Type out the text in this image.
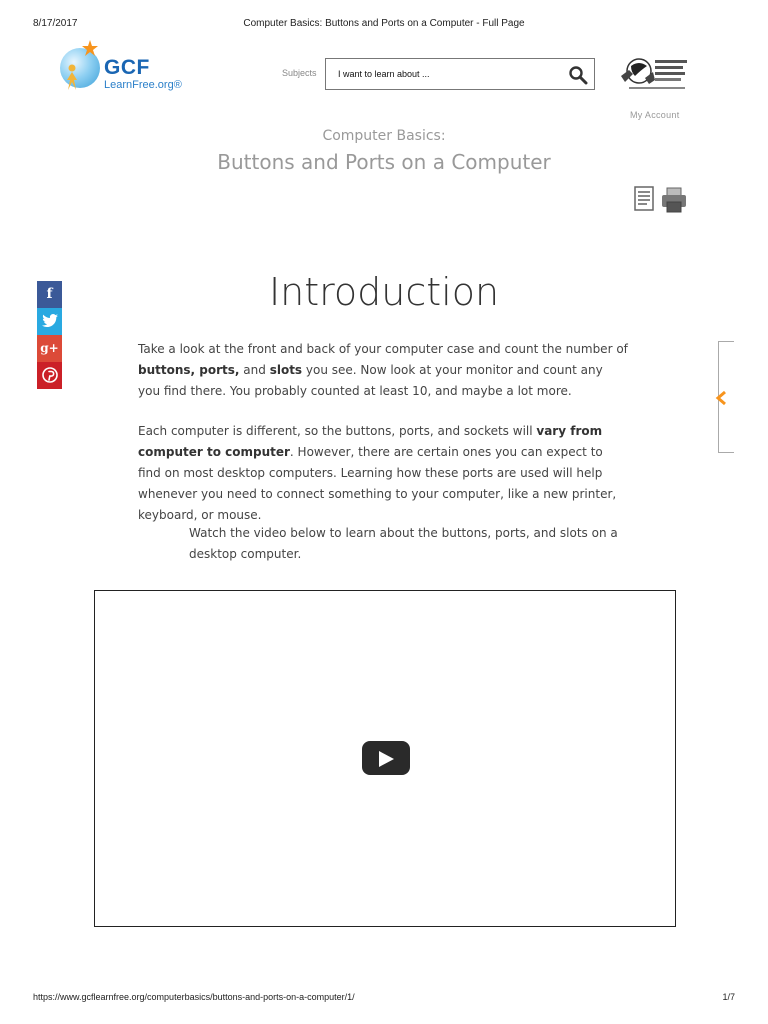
8/17/2017	Computer Basics: Buttons and Ports on a Computer - Full Page
GCF
LearnFree.org®
Subjects I want to learn about ...
My Account
Computer Basics:
Buttons and Ports on a Computer
Introduction
f
g+	Take a look at the front and back of your computer case and count the number of buttons, ports, and slots you see. Now look at your monitor and count any you find there. You probably counted at least 10, and maybe a lot more.

Each computer is different, so the buttons, ports, and sockets will vary from computer to computer. However, there are certain ones you can expect to find on most desktop computers. Learning how these ports are used will help whenever you need to connect something to your computer, like a new printer, keyboard, or mouse.

Watch the video below to learn about the buttons, ports, and slots on a desktop computer.

https://www.gcflearnfree.org/computerbasics/buttons-and-ports-on-a-computer/1/	1/7
